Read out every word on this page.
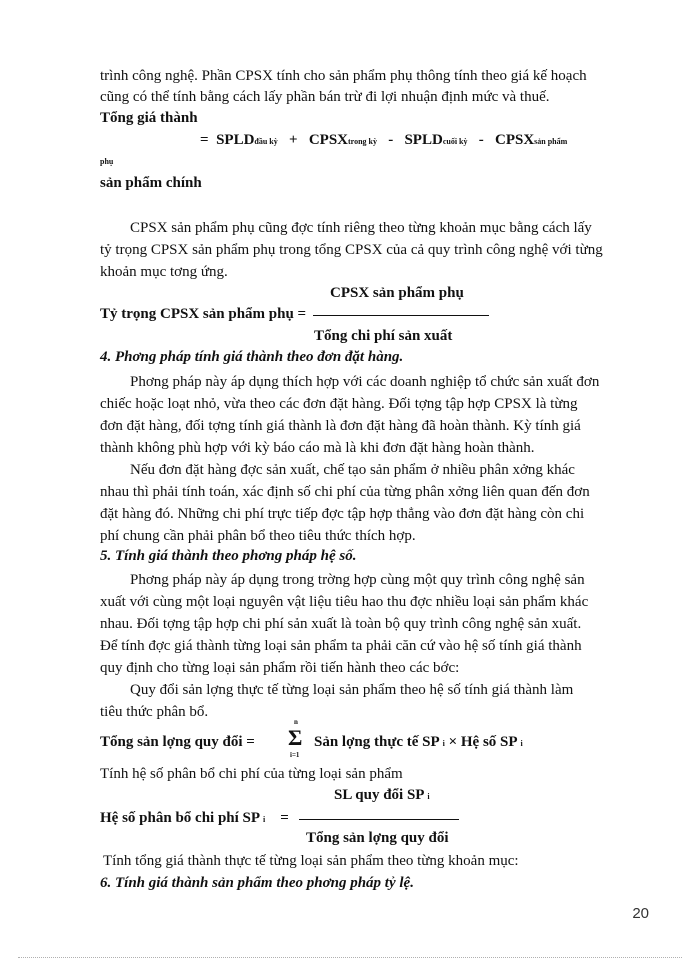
trình công nghệ. Phần CPSX tính cho sản phẩm phụ thông tính theo giá kế hoạch
cũng có thể tính bằng cách lấy phần bán trừ đi lợi nhuận định mức và thuế.
Tổng giá thành
= SPLDđầu kỳ + CPSXtrong kỳ - SPLDcuối kỳ - CPSXsản phẩm
phụ
sản phẩm chính
CPSX sản phẩm phụ cũng đợc tính riêng theo từng khoản mục bằng cách lấy
tỷ trọng CPSX sản phẩm phụ trong tổng CPSX của cả quy trình công nghệ với từng
khoản mục tơng ứng.
CPSX sản phẩm phụ
Tỷ trọng CPSX sản phẩm phụ =
Tổng chi phí sản xuất
4. Phơng pháp tính giá thành theo đơn đặt hàng.
Phơng pháp này áp dụng thích hợp với các doanh nghiệp tổ chức sản xuất đơn
chiếc hoặc loạt nhỏ, vừa theo các đơn đặt hàng. Đối tợng tập hợp CPSX là từng
đơn đặt hàng, đối tợng tính giá thành là đơn đặt hàng đã hoàn thành. Kỳ tính giá
thành không phù hợp với kỳ báo cáo mà là khi đơn đặt hàng hoàn thành.
Nếu đơn đặt hàng đợc sản xuất, chế tạo sản phẩm ở nhiều phân xởng khác
nhau thì phải tính toán, xác định số chi phí của từng phân xởng liên quan đến đơn
đặt hàng đó. Những chi phí trực tiếp đợc tập hợp thẳng vào đơn đặt hàng còn chi
phí chung cần phải phân bổ theo tiêu thức thích hợp.
5. Tính giá thành theo phơng pháp hệ số.
Phơng pháp này áp dụng trong trờng hợp cùng một quy trình công nghệ sản
xuất với cùng một loại nguyên vật liệu tiêu hao thu đợc nhiều loại sản phẩm khác
nhau. Đối tợng tập hợp chi phí sản xuất là toàn bộ quy trình công nghệ sản xuất.
Để tính đợc giá thành từng loại sản phẩm ta phải căn cứ vào hệ số tính giá thành
quy định cho từng loại sản phẩm rồi tiến hành theo các bớc:
Quy đổi sản lợng thực tế từng loại sản phẩm theo hệ số tính giá thành làm
tiêu thức phân bổ.
Tổng sản lợng quy đổi = Σ
n
i=1
Sản lợng thực tế SP i × Hệ số SP i
Tính hệ số phân bổ chi phí của từng loại sản phẩm
SL quy đổi SP i
Hệ số phân bổ chi phí SP i =
Tổng sản lợng quy đổi
Tính tổng giá thành thực tế từng loại sản phẩm theo từng khoản mục:
6. Tính giá thành sản phẩm theo phơng pháp tỷ lệ.
20
